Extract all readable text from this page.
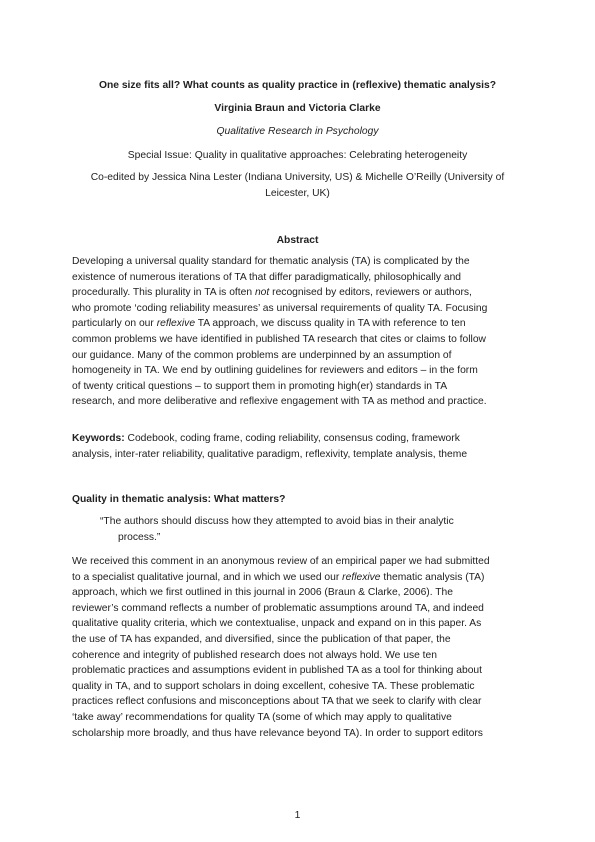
One size fits all? What counts as quality practice in (reflexive) thematic analysis?
Virginia Braun and Victoria Clarke
Qualitative Research in Psychology
Special Issue: Quality in qualitative approaches: Celebrating heterogeneity
Co-edited by Jessica Nina Lester (Indiana University, US) & Michelle O’Reilly (University of
Leicester, UK)
Abstract
Developing a universal quality standard for thematic analysis (TA) is complicated by the
existence of numerous iterations of TA that differ paradigmatically, philosophically and
procedurally. This plurality in TA is often not recognised by editors, reviewers or authors,
who promote ‘coding reliability measures’ as universal requirements of quality TA. Focusing
particularly on our reflexive TA approach, we discuss quality in TA with reference to ten
common problems we have identified in published TA research that cites or claims to follow
our guidance. Many of the common problems are underpinned by an assumption of
homogeneity in TA. We end by outlining guidelines for reviewers and editors – in the form
of twenty critical questions – to support them in promoting high(er) standards in TA
research, and more deliberative and reflexive engagement with TA as method and practice.
Keywords: Codebook, coding frame, coding reliability, consensus coding, framework
analysis, inter-rater reliability, qualitative paradigm, reflexivity, template analysis, theme
Quality in thematic analysis: What matters?
“The authors should discuss how they attempted to avoid bias in their analytic
process.”
We received this comment in an anonymous review of an empirical paper we had submitted
to a specialist qualitative journal, and in which we used our reflexive thematic analysis (TA)
approach, which we first outlined in this journal in 2006 (Braun & Clarke, 2006). The
reviewer’s command reflects a number of problematic assumptions around TA, and indeed
qualitative quality criteria, which we contextualise, unpack and expand on in this paper. As
the use of TA has expanded, and diversified, since the publication of that paper, the
coherence and integrity of published research does not always hold. We use ten
problematic practices and assumptions evident in published TA as a tool for thinking about
quality in TA, and to support scholars in doing excellent, cohesive TA. These problematic
practices reflect confusions and misconceptions about TA that we seek to clarify with clear
‘take away’ recommendations for quality TA (some of which may apply to qualitative
scholarship more broadly, and thus have relevance beyond TA). In order to support editors
1
